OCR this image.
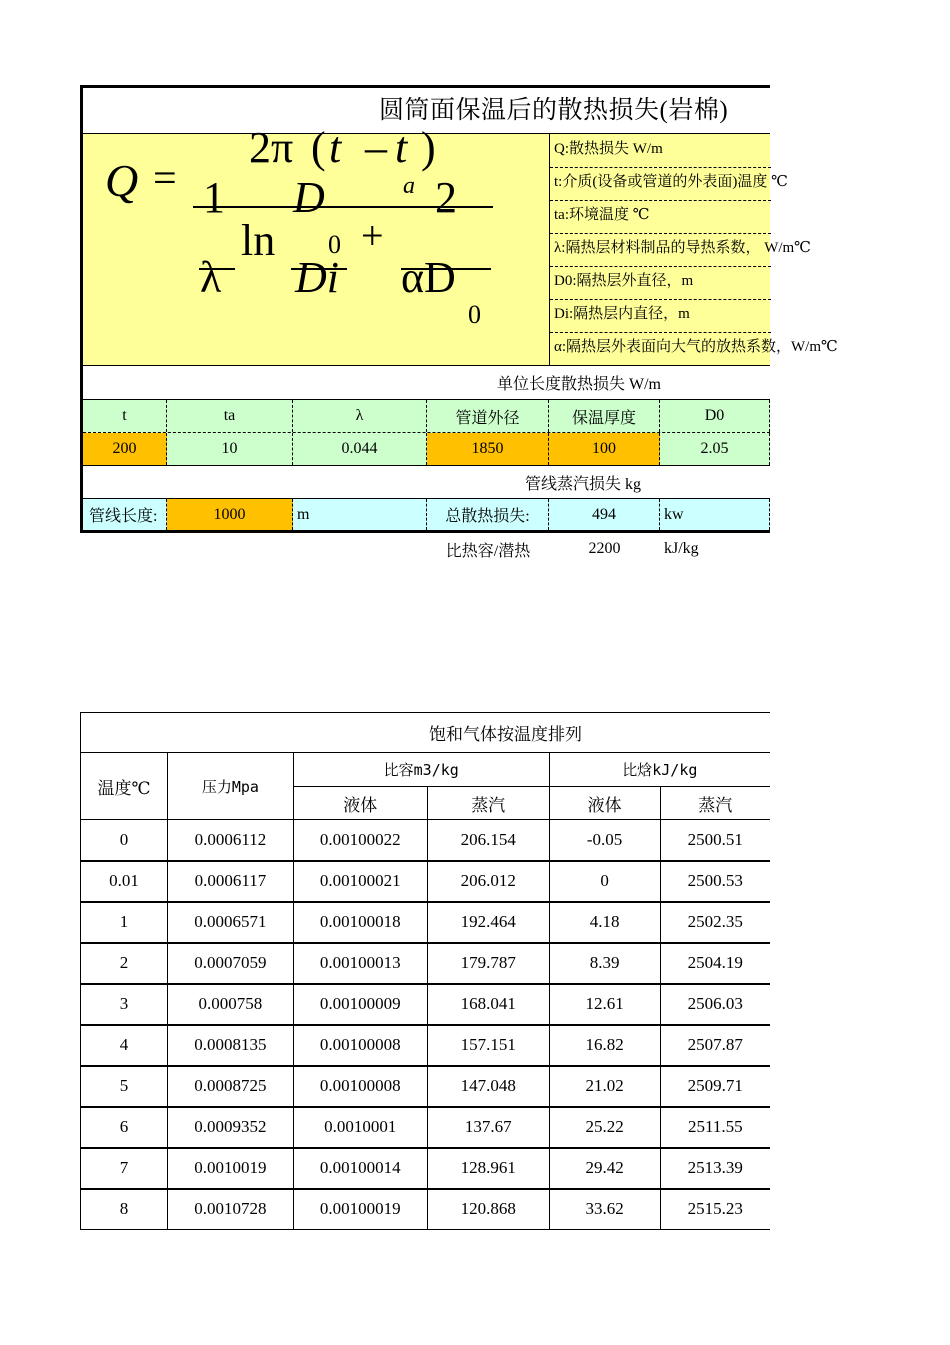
圆筒面保温后的散热损失(岩棉)
Q =
2π ( t – t )
a
1 D	2
ln 0 +
λ Di αD
0
Q:散热损失 W/m
t:介质(设备或管道的外表面)温度 ℃
ta:环境温度 ℃
λ:隔热层材料制品的导热系数， W/m℃
D0:隔热层外直径，m
Di:隔热层内直径，m
α:隔热层外表面向大气的放热系数，W/m℃
单位长度散热损失 W/m
t	ta	λ	管道外径	保温厚度	D0
200	10	0.044	1850	100	2.05
管线蒸汽损失 kg
管线长度:	1000	m	总散热损失:	494	kw
比热容/潜热	2200	kJ/kg
饱和气体按温度排列					
温度℃	压力Mpa	比容m3/kg		比焓kJ/kg	
		液体	蒸汽	液体	蒸汽
0	0.0006112	0.00100022	206.154	-0.05	2500.51
0.01	0.0006117	0.00100021	206.012	0	2500.53
1	0.0006571	0.00100018	192.464	4.18	2502.35
2	0.0007059	0.00100013	179.787	8.39	2504.19
3	0.000758	0.00100009	168.041	12.61	2506.03
4	0.0008135	0.00100008	157.151	16.82	2507.87
5	0.0008725	0.00100008	147.048	21.02	2509.71
6	0.0009352	0.0010001	137.67	25.22	2511.55
7	0.0010019	0.00100014	128.961	29.42	2513.39
8	0.0010728	0.00100019	120.868	33.62	2515.23
